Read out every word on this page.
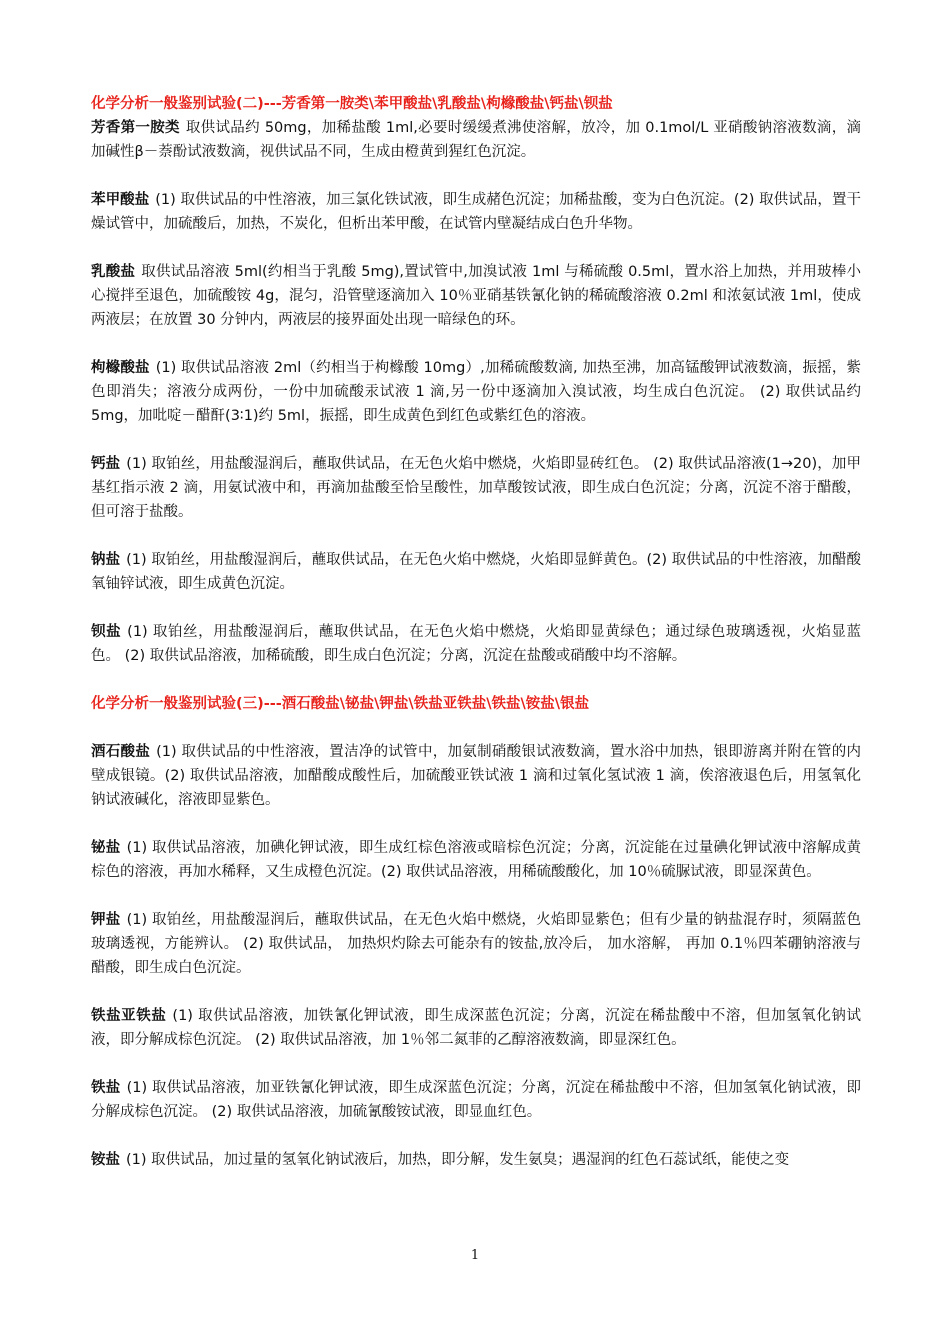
化学分析一般鉴别试验(二)---芳香第一胺类\苯甲酸盐\乳酸盐\枸橼酸盐\钙盐\钡盐

芳香第一胺类 取供试品约 50mg，加稀盐酸 1ml,必要时缓缓煮沸使溶解，放冷，加 0.1mol/L 亚硝酸钠溶液数滴，滴加碱性β－萘酚试液数滴，视供试品不同，生成由橙黄到猩红色沉淀。

苯甲酸盐 (1) 取供试品的中性溶液，加三氯化铁试液，即生成赭色沉淀；加稀盐酸，变为白色沉淀。(2) 取供试品，置干燥试管中，加硫酸后，加热，不炭化，但析出苯甲酸，在试管内壁凝结成白色升华物。

乳酸盐 取供试品溶液 5ml(约相当于乳酸 5mg),置试管中,加溴试液 1ml 与稀硫酸 0.5ml，置水浴上加热，并用玻棒小心搅拌至退色，加硫酸铵 4g，混匀，沿管壁逐滴加入 10％亚硝基铁氰化钠的稀硫酸溶液 0.2ml 和浓氨试液 1ml，使成两液层；在放置 30 分钟内，两液层的接界面处出现一暗绿色的环。

枸橼酸盐 (1) 取供试品溶液 2ml（约相当于枸橼酸 10mg）,加稀硫酸数滴, 加热至沸，加高锰酸钾试液数滴，振摇，紫色即消失；溶液分成两份，一份中加硫酸汞试液 1 滴,另一份中逐滴加入溴试液，均生成白色沉淀。 (2) 取供试品约 5mg，加吡啶－醋酐(3∶1)约 5ml，振摇，即生成黄色到红色或紫红色的溶液。

钙盐 (1) 取铂丝，用盐酸湿润后，蘸取供试品，在无色火焰中燃烧，火焰即显砖红色。 (2) 取供试品溶液(1→20)，加甲基红指示液 2 滴，用氨试液中和，再滴加盐酸至恰呈酸性，加草酸铵试液，即生成白色沉淀；分离，沉淀不溶于醋酸，但可溶于盐酸。

钠盐 (1) 取铂丝，用盐酸湿润后，蘸取供试品，在无色火焰中燃烧，火焰即显鲜黄色。(2) 取供试品的中性溶液，加醋酸氧铀锌试液，即生成黄色沉淀。

钡盐 (1) 取铂丝，用盐酸湿润后，蘸取供试品，在无色火焰中燃烧，火焰即显黄绿色；通过绿色玻璃透视，火焰显蓝色。 (2) 取供试品溶液，加稀硫酸，即生成白色沉淀；分离，沉淀在盐酸或硝酸中均不溶解。

化学分析一般鉴别试验(三)---酒石酸盐\铋盐\钾盐\铁盐亚铁盐\铁盐\铵盐\银盐

酒石酸盐 (1) 取供试品的中性溶液，置洁净的试管中，加氨制硝酸银试液数滴，置水浴中加热，银即游离并附在管的内壁成银镜。(2) 取供试品溶液，加醋酸成酸性后，加硫酸亚铁试液 1 滴和过氧化氢试液 1 滴，俟溶液退色后，用氢氧化钠试液碱化，溶液即显紫色。

铋盐 (1) 取供试品溶液，加碘化钾试液，即生成红棕色溶液或暗棕色沉淀；分离，沉淀能在过量碘化钾试液中溶解成黄棕色的溶液，再加水稀释，又生成橙色沉淀。(2) 取供试品溶液，用稀硫酸酸化，加 10％硫脲试液，即显深黄色。

钾盐 (1) 取铂丝，用盐酸湿润后，蘸取供试品，在无色火焰中燃烧，火焰即显紫色；但有少量的钠盐混存时，须隔蓝色玻璃透视，方能辨认。 (2) 取供试品， 加热炽灼除去可能杂有的铵盐,放冷后， 加水溶解， 再加 0.1％四苯硼钠溶液与醋酸，即生成白色沉淀。

铁盐亚铁盐 (1) 取供试品溶液，加铁氰化钾试液，即生成深蓝色沉淀；分离，沉淀在稀盐酸中不溶，但加氢氧化钠试液，即分解成棕色沉淀。 (2) 取供试品溶液，加 1％邻二氮菲的乙醇溶液数滴，即显深红色。

铁盐 (1) 取供试品溶液，加亚铁氰化钾试液，即生成深蓝色沉淀；分离，沉淀在稀盐酸中不溶，但加氢氧化钠试液，即分解成棕色沉淀。 (2) 取供试品溶液，加硫氰酸铵试液，即显血红色。

铵盐 (1) 取供试品，加过量的氢氧化钠试液后，加热，即分解，发生氨臭；遇湿润的红色石蕊试纸，能使之变

1
